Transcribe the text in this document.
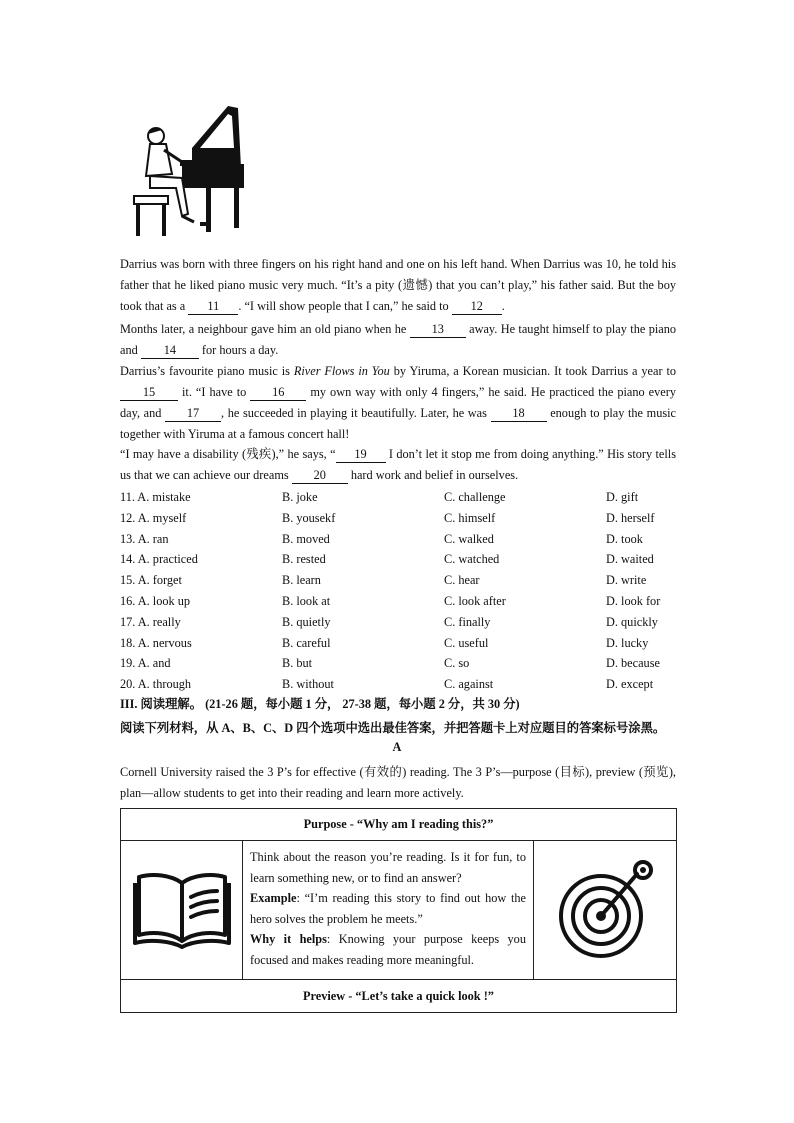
Darrius was born with three fingers on his right hand and one on his left hand. When Darrius was 10, he told his father that he liked piano music very much. “It’s a pity (遗憾) that you can’t play,” his father said. But the boy took that as a 11 . “I will show people that I can,” he said to 12 .
Months later, a neighbour gave him an old piano when he 13 away. He taught himself to play the piano and 14 for hours a day.
Darrius’s favourite piano music is River Flows in You by Yiruma, a Korean musician. It took Darrius a year to 15 it. “I have to 16 my own way with only 4 fingers,” he said. He practiced the piano every day, and 17 , he succeeded in playing it beautifully. Later, he was 18 enough to play the music together with Yiruma at a famous concert hall!
“I may have a disability (残疾),” he says, “ 19 I don’t let it stop me from doing anything.” His story tells us that we can achieve our dreams 20 hard work and belief in ourselves.
11. A. mistake	B. joke	C. challenge	D. gift
12. A. myself	B. yousekf	C. himself	D. herself
13. A. ran	B. moved	C. walked	D. took
14. A. practiced	B. rested	C. watched	D. waited
15. A. forget	B. learn	C. hear	D. write
16. A. look up	B. look at	C. look after	D. look for
17. A. really	B. quietly	C. finally	D. quickly
18. A. nervous	B. careful	C. useful	D. lucky
19. A. and	B. but	C. so	D. because
20. A. through	B. without	C. against	D. except
III. 阅读理解。 (21-26 题，每小题 1 分， 27-38 题，每小题 2 分，共 30 分)
阅读下列材料，从 A、B、C、D 四个选项中选出最佳答案，并把答题卡上对应题目的答案标号涂黑。
A
Cornell University raised the 3 P’s for effective (有效的) reading. The 3 P’s—purpose (目标), preview (预览), plan—allow students to get into their reading and learn more actively.
Purpose - “Why am I reading this?”

Think about the reason you’re reading. Is it for fun, to learn something new, or to find an answer?
Example: “I’m reading this story to find out how the hero solves the problem he meets.”
Why it helps: Knowing your purpose keeps you focused and makes reading more meaningful.

Preview - “Let’s take a quick look !”
